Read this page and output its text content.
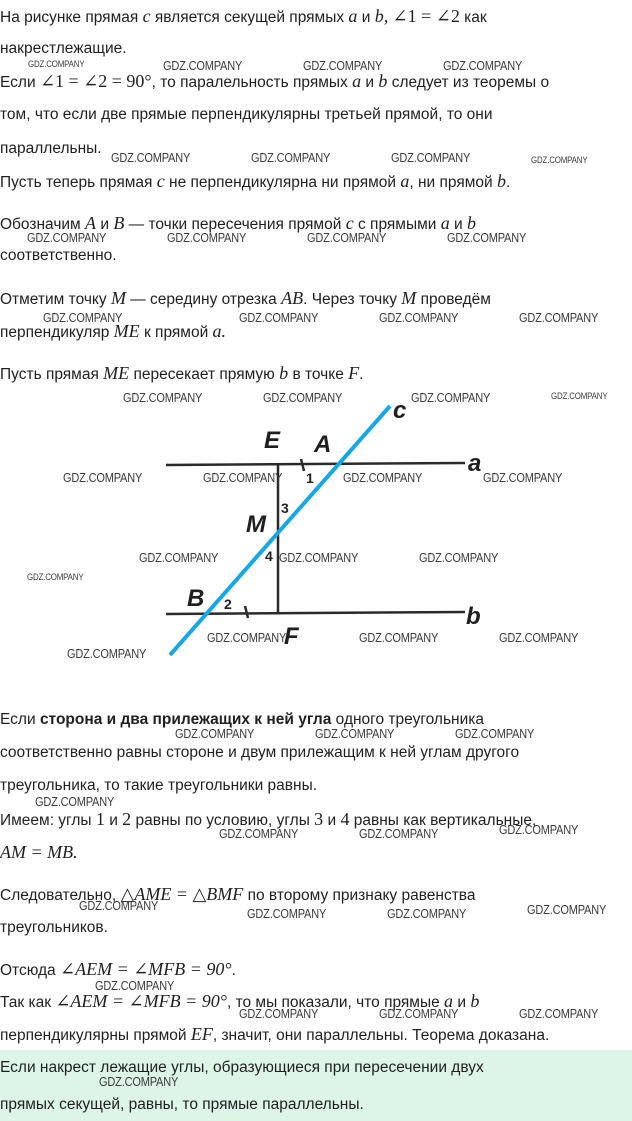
На рисунке прямая c является секущей прямых a и b, ∠1 = ∠2 как
накрестлежащие.
Если ∠1 = ∠2 = 90°, то паралельность прямых a и b следует из теоремы о
том, что если две прямые перпендикулярны третьей прямой, то они
параллельны.
Пусть теперь прямая c не перпендикулярна ни прямой a, ни прямой b.
Обозначим A и B — точки пересечения прямой c с прямыми a и b
соответственно.
Отметим точку M — середину отрезка AB. Через точку M проведём
перпендикуляр ME к прямой a.
Пусть прямая ME пересекает прямую b в точке F.
c
E A
a
1
3
M
4
B 2
F
b
Если сторона и два прилежащих к ней угла одного треугольника
соответственно равны стороне и двум прилежащим к ней углам другого
треугольника, то такие треугольники равны.
Имеем: углы 1 и 2 равны по условию, углы 3 и 4 равны как вертикальные,
AM = MB.
Следовательно, △AME = △BMF по второму признаку равенства
треугольников.
Отсюда ∠AEM = ∠MFB = 90°.
Так как ∠AEM = ∠MFB = 90°, то мы показали, что прямые a и b
перпендикулярны прямой EF, значит, они параллельны. Теорема доказана.
Если накрест лежащие углы, образующиеся при пересечении двух
прямых секущей, равны, то прямые параллельны.
GDZ.COMPANY	GDZ.COMPANY	GDZ.COMPANY	GDZ.COMPANY
GDZ.COMPANY	GDZ.COMPANY	GDZ.COMPANY	GDZ.COMPANY
GDZ.COMPANY	GDZ.COMPANY	GDZ.COMPANY	GDZ.COMPANY
GDZ.COMPANY	GDZ.COMPANY	GDZ.COMPANY	GDZ.COMPANY
GDZ.COMPANY	GDZ.COMPANY	GDZ.COMPANY	GDZ.COMPANY
GDZ.COMPANY	GDZ.COMPANY	GDZ.COMPANY	GDZ.COMPANY
GDZ.COMPANY	GDZ.COMPANY	GDZ.COMPANY
GDZ.COMPANY
GDZ.COMPANY	GDZ.COMPANY	GDZ.COMPANY
GDZ.COMPANY
GDZ.COMPANY	GDZ.COMPANY	GDZ.COMPANY
GDZ.COMPANY
GDZ.COMPANY	GDZ.COMPANY	GDZ.COMPANY
GDZ.COMPANY
GDZ.COMPANY	GDZ.COMPANY	GDZ.COMPANY
GDZ.COMPANY
GDZ.COMPANY	GDZ.COMPANY	GDZ.COMPANY
GDZ.COMPANY
